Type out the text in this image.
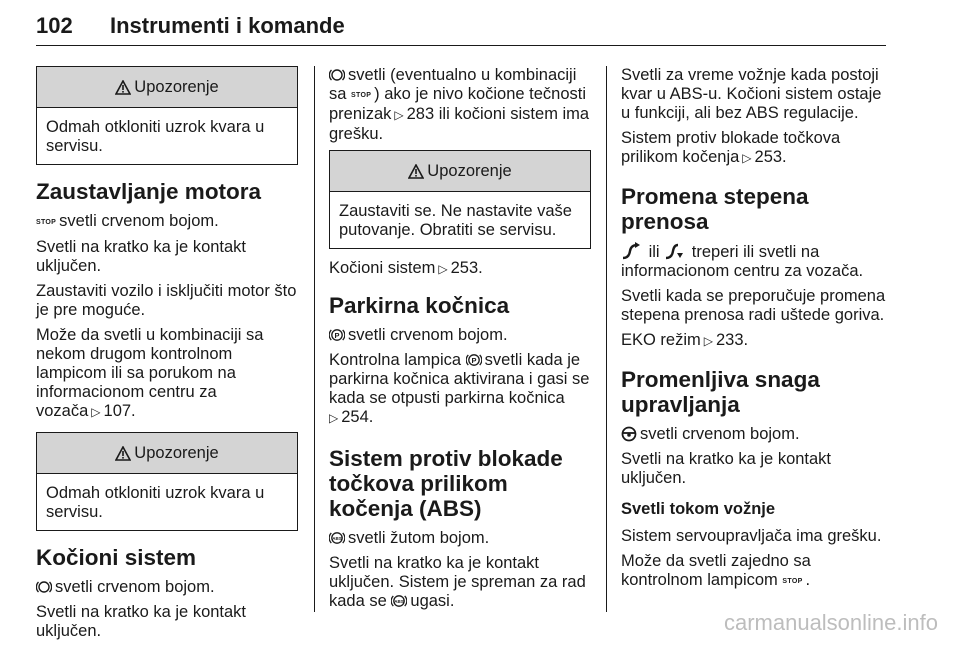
102	Instrumenti i komande
Upozorenje
Odmah otkloniti uzrok kvara u servisu.
Zaustavljanje motora

STOP svetli crvenom bojom.

Svetli na kratko ka je kontakt uključen.

Zaustaviti vozilo i isključiti motor što je pre moguće.

Može da svetli u kombinaciji sa nekom drugom kontrolnom lampicom ili sa porukom na informacionom centru za vozača ▷ 107.

Upozorenje
Odmah otkloniti uzrok kvara u servisu.
Kočioni sistem

svetli crvenom bojom.

Svetli na kratko ka je kontakt uključen.

svetli (eventualno u kombinaciji sa STOP ) ako je nivo kočione tečnosti prenizak ▷ 283 ili kočioni sistem ima grešku.

Upozorenje
Zaustaviti se. Ne nastavite vaše putovanje. Obratiti se servisu.

Kočioni sistem ▷ 253.

Parkirna kočnica

P svetli crvenom bojom.

Kontrolna lampica P svetli kada je parkirna kočnica aktivirana i gasi se kada se otpusti parkirna kočnica
▷ 254.

Sistem protiv blokade točkova prilikom kočenja (ABS)

ABS svetli žutom bojom.

Svetli na kratko ka je kontakt uključen. Sistem je spreman za rad kada se ABS ugasi.

Svetli za vreme vožnje kada postoji kvar u ABS-u. Kočioni sistem ostaje u funkciji, ali bez ABS regulacije.

Sistem protiv blokade točkova prilikom kočenja ▷ 253.

Promena stepena prenosa

ili treperi ili svetli na informacionom centru za vozača.

Svetli kada se preporučuje promena stepena prenosa radi uštede goriva.

EKO režim ▷ 233.

Promenljiva snaga upravljanja

svetli crvenom bojom.

Svetli na kratko ka je kontakt uključen.

Svetli tokom vožnje

Sistem servoupravljača ima grešku.

Može da svetli zajedno sa kontrolnom lampicom STOP .

carmanualsonline.info
